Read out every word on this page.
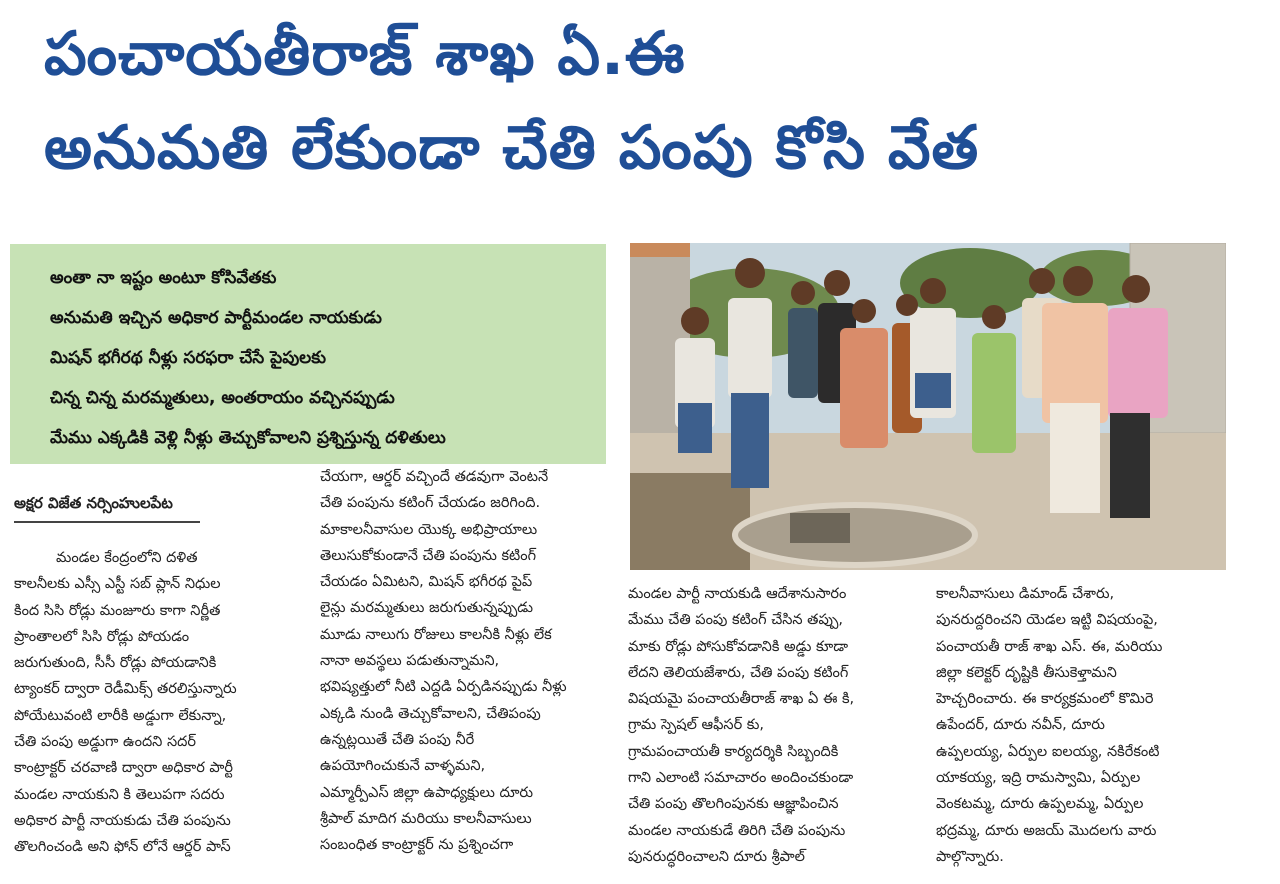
పంచాయతీరాజ్ శాఖ ఏ.ఈ
అనుమతి లేకుండా చేతి పంపు కోసి వేత
అంతా నా ఇష్టం అంటూ కోసివేతకు
అనుమతి ఇచ్చిన అధికార పార్టీమండల నాయకుడు
మిషన్ భగీరథ నీళ్లు సరఫరా చేసే పైపులకు
చిన్న చిన్న మరమ్మతులు, అంతరాయం వచ్చినప్పుడు
మేము ఎక్కడికి వెళ్లి నీళ్లు తెచ్చుకోవాలని ప్రశ్నిస్తున్న దళితులు
అక్షర విజేత నర్సింహులపేట
మండల కేంద్రంలోని దళిత
కాలనీలకు ఎస్సీ ఎస్టీ సబ్ ప్లాన్ నిధుల
కింద సిసి రోడ్లు మంజూరు కాగా నిర్ణీత
ప్రాంతాలలో సిసి రోడ్లు పోయడం
జరుగుతుంది, సీసీ రోడ్లు పోయడానికి
ట్యాంకర్ ద్వారా రెడీమిక్స్ తరలిస్తున్నారు
పోయేటువంటి లారీకి అడ్డుగా లేకున్నా,
చేతి పంపు అడ్డుగా ఉందని సదర్
కాంట్రాక్టర్ చరవాణి ద్వారా అధికార పార్టీ
మండల నాయకుని కి తెలుపగా సదరు
అధికార పార్టీ నాయకుడు చేతి పంపును
తొలగించండి అని ఫోన్ లోనే ఆర్డర్ పాస్
చేయగా, ఆర్డర్ వచ్చిందే తడవుగా వెంటనే
చేతి పంపును కటింగ్ చేయడం జరిగింది.
మాకాలనీవాసుల యొక్క అభిప్రాయాలు
తెలుసుకోకుండానే చేతి పంపును కటింగ్
చేయడం ఏమిటని, మిషన్ భగీరథ పైప్
లైన్లు మరమ్మతులు జరుగుతున్నప్పుడు
మూడు నాలుగు రోజులు కాలనీకి నీళ్లు లేక
నానా అవస్థలు పడుతున్నామని,
భవిష్యత్తులో నీటి ఎద్దడి ఏర్పడినప్పుడు నీళ్లు
ఎక్కడి నుండి తెచ్చుకోవాలని, చేతిపంపు
ఉన్నట్లయితే చేతి పంపు నీరే
ఉపయోగించుకునే వాళ్ళమని,
ఎమ్మార్పీఎస్ జిల్లా ఉపాధ్యక్షులు దూరు
శ్రీపాల్ మాదిగ మరియు కాలనీవాసులు
సంబంధిత కాంట్రాక్టర్ ను ప్రశ్నించగా
మండల పార్టీ నాయకుడి ఆదేశానుసారం
మేము చేతి పంపు కటింగ్ చేసిన తప్పు,
మాకు రోడ్లు పోసుకోవడానికి అడ్డు కూడా
లేదని తెలియజేశారు, చేతి పంపు కటింగ్
విషయమై పంచాయతీరాజ్ శాఖ ఏ ఈ కి,
గ్రామ స్పెషల్ ఆఫీసర్ కు,
గ్రామపంచాయతీ కార్యదర్శికి సిబ్బందికి
గాని ఎలాంటి సమాచారం అందించకుండా
చేతి పంపు తొలగింపునకు ఆజ్ఞాపించిన
మండల నాయకుడే తిరిగి చేతి పంపును
పునరుద్ధరించాలని దూరు శ్రీపాల్
కాలనీవాసులు డిమాండ్ చేశారు,
పునరుద్దరించని యెడల ఇట్టి విషయంపై,
పంచాయతీ రాజ్ శాఖ ఎస్. ఈ, మరియు
జిల్లా కలెక్టర్ దృష్టికి తీసుకెళ్తామని
హెచ్చరించారు. ఈ కార్యక్రమంలో కొమిరె
ఉపేందర్, దూరు నవీన్, దూరు
ఉప్పలయ్య, ఏర్పుల ఐలయ్య, నకిరేకంటి
యాకయ్య, ఇద్రి రామస్వామి, ఏర్పుల
వెంకటమ్మ, దూరు ఉప్పలమ్మ, ఏర్పుల
భద్రమ్మ, దూరు అజయ్ మొదలగు వారు
పాల్గొన్నారు.
